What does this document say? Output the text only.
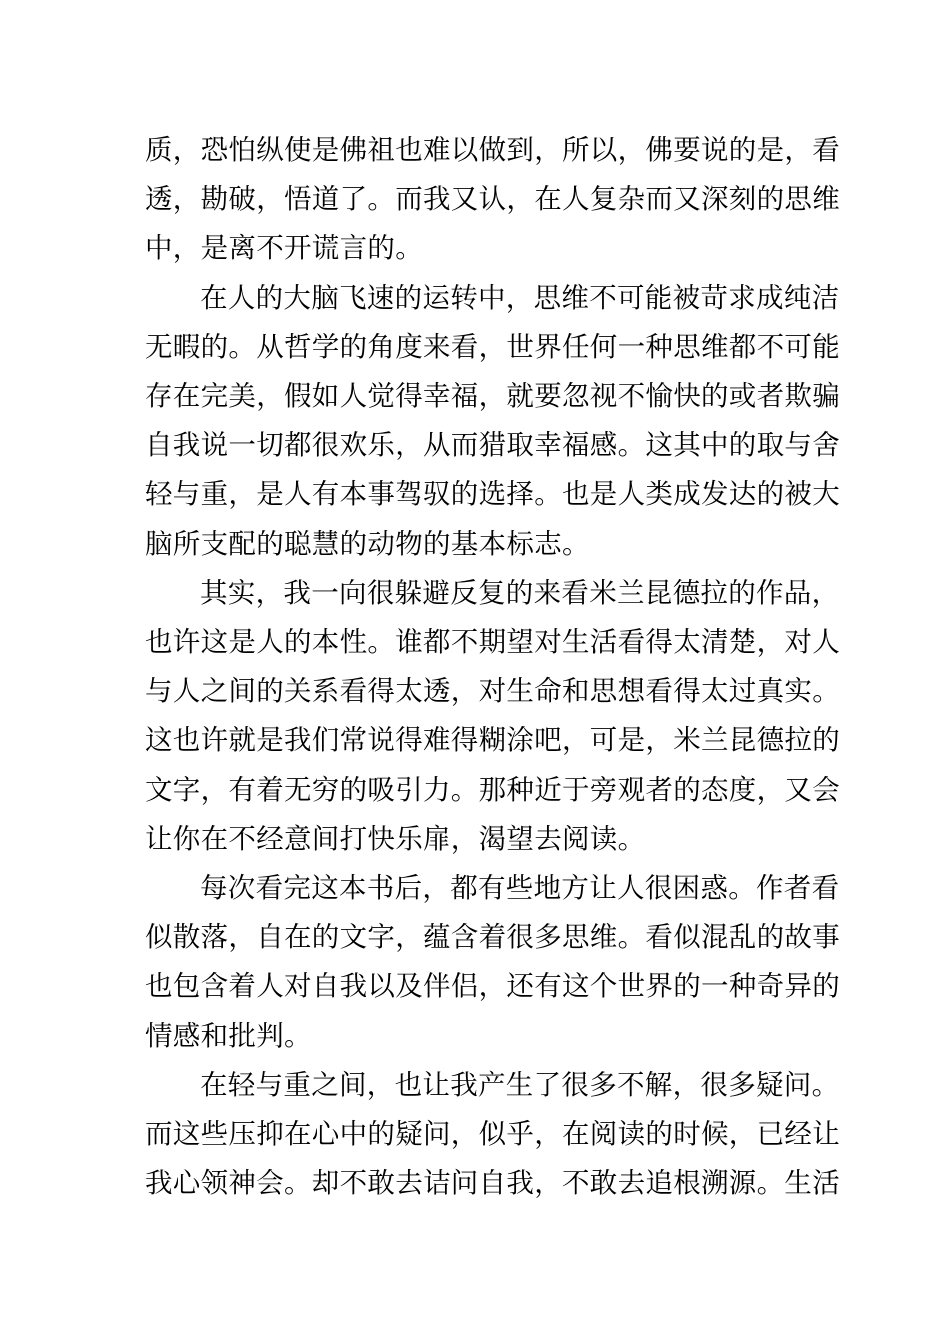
质，恐怕纵使是佛祖也难以做到，所以，佛要说的是，看
透，勘破，悟道了。而我又认，在人复杂而又深刻的思维
中，是离不开谎言的。

在人的大脑飞速的运转中，思维不可能被苛求成纯洁
无暇的。从哲学的角度来看，世界任何一种思维都不可能
存在完美，假如人觉得幸福，就要忽视不愉快的或者欺骗
自我说一切都很欢乐，从而猎取幸福感。这其中的取与舍
轻与重，是人有本事驾驭的选择。也是人类成发达的被大
脑所支配的聪慧的动物的基本标志。

其实，我一向很躲避反复的来看米兰昆德拉的作品，
也许这是人的本性。谁都不期望对生活看得太清楚，对人
与人之间的关系看得太透，对生命和思想看得太过真实。
这也许就是我们常说得难得糊涂吧，可是，米兰昆德拉的
文字，有着无穷的吸引力。那种近于旁观者的态度，又会
让你在不经意间打快乐扉，渴望去阅读。

每次看完这本书后，都有些地方让人很困惑。作者看
似散落，自在的文字，蕴含着很多思维。看似混乱的故事
也包含着人对自我以及伴侣，还有这个世界的一种奇异的
情感和批判。

在轻与重之间，也让我产生了很多不解，很多疑问。
而这些压抑在心中的疑问，似乎，在阅读的时候，已经让
我心领神会。却不敢去诘问自我，不敢去追根溯源。生活
